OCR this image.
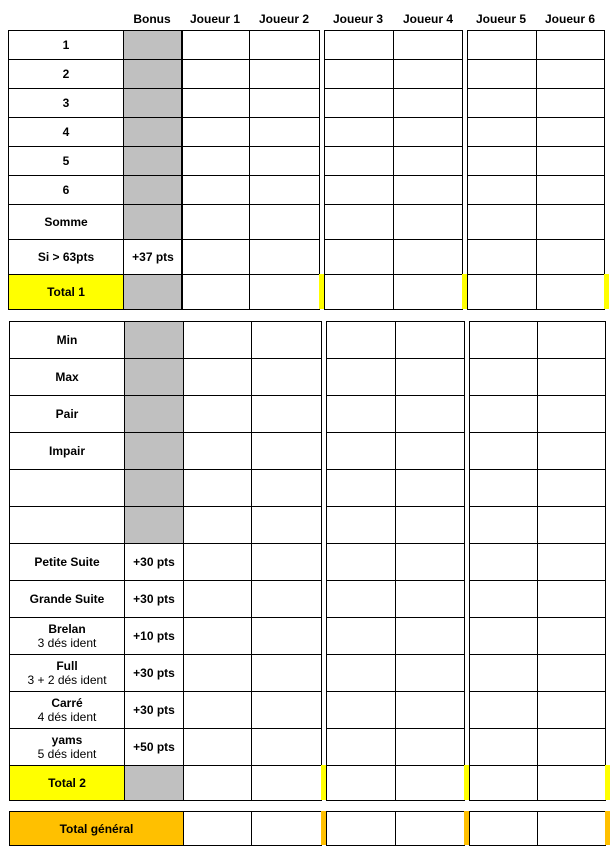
Bonus	Joueur 1	Joueur 2	Joueur 3	Joueur 4	Joueur 5	Joueur 6
1	
2	
3	
4	
5	
6	
Somme	
Si > 63pts	+37 pts
Total 1	

Min	
Max	
Pair	
Impair	

Petite Suite	+30 pts
Grande Suite	+30 pts
Brelan
3 dés ident	+10 pts
Full
3 + 2 dés ident	+30 pts
Carré
4 dés ident	+30 pts
yams
5 dés ident	+50 pts
Total 2	

Total général
